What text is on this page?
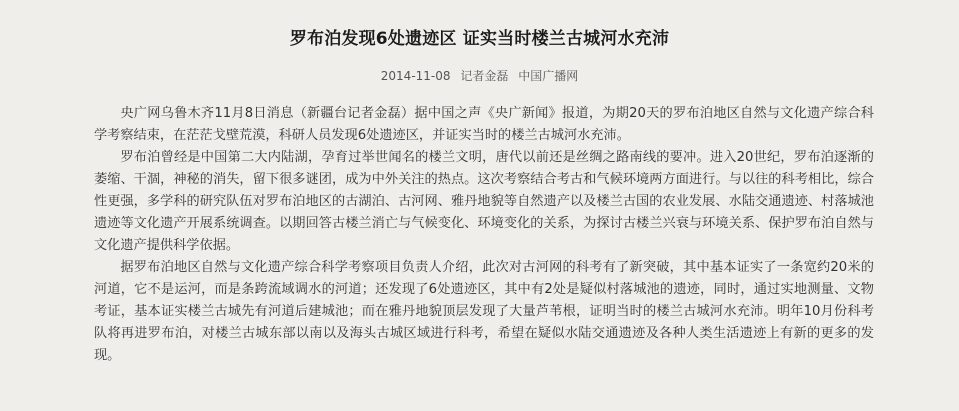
罗布泊发现6处遗迹区 证实当时楼兰古城河水充沛
2014-11-08 记者金磊 中国广播网

央广网乌鲁木齐11月8日消息（新疆台记者金磊）据中国之声《央广新闻》报道，为期20天的罗布泊地区自然与文化遗产综合科学考察结束，在茫茫戈壁荒漠，科研人员发现6处遗迹区，并证实当时的楼兰古城河水充沛。

罗布泊曾经是中国第二大内陆湖，孕育过举世闻名的楼兰文明，唐代以前还是丝绸之路南线的要冲。进入20世纪，罗布泊逐渐的萎缩、干涸，神秘的消失，留下很多谜团，成为中外关注的热点。这次考察结合考古和气候环境两方面进行。与以往的科考相比，综合性更强，多学科的研究队伍对罗布泊地区的古湖泊、古河网、雅丹地貌等自然遗产以及楼兰古国的农业发展、水陆交通遗迹、村落城池遗迹等文化遗产开展系统调查。以期回答古楼兰消亡与气候变化、环境变化的关系，为探讨古楼兰兴衰与环境关系、保护罗布泊自然与文化遗产提供科学依据。

据罗布泊地区自然与文化遗产综合科学考察项目负责人介绍，此次对古河网的科考有了新突破，其中基本证实了一条宽约20米的河道，它不是运河，而是条跨流域调水的河道；还发现了6处遗迹区，其中有2处是疑似村落城池的遗迹，同时，通过实地测量、文物考证，基本证实楼兰古城先有河道后建城池；而在雅丹地貌顶层发现了大量芦苇根，证明当时的楼兰古城河水充沛。明年10月份科考队将再进罗布泊，对楼兰古城东部以南以及海头古城区域进行科考，希望在疑似水陆交通遗迹及各种人类生活遗迹上有新的更多的发现。
